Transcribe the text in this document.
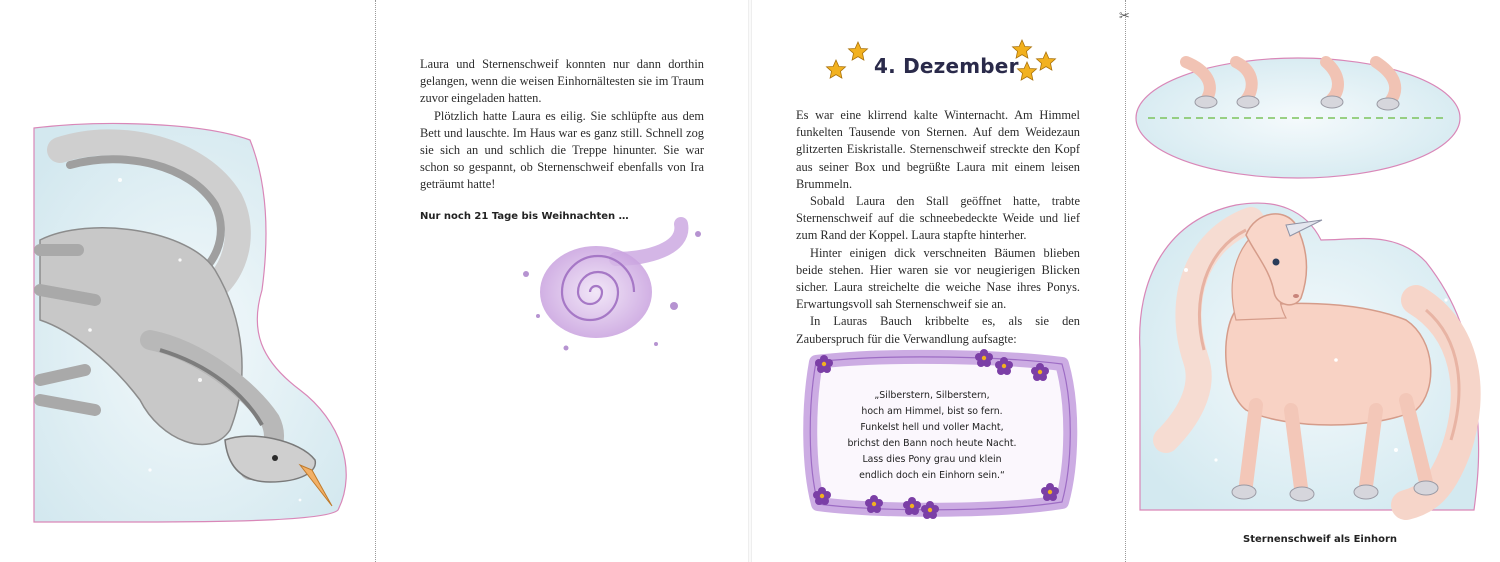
Laura und Sternenschweif konnten nur dann dorthin gelangen, wenn die weisen Einhornältesten sie im Traum zuvor eingeladen hatten.

Plötzlich hatte Laura es eilig. Sie schlüpfte aus dem Bett und lauschte. Im Haus war es ganz still. Schnell zog sie sich an und schlich die Treppe hinunter. Sie war schon so gespannt, ob Sternenschweif ebenfalls von Ira geträumt hatte!

Nur noch 21 Tage bis Weihnachten …
4. Dezember

Es war eine klirrend kalte Winternacht. Am Himmel funkelten Tausende von Sternen. Auf dem Weidezaun glitzerten Eiskristalle. Sternenschweif streckte den Kopf aus seiner Box und begrüßte Laura mit einem leisen Brummeln.

Sobald Laura den Stall geöffnet hatte, trabte Sternenschweif auf die schneebedeckte Weide und lief zum Rand der Koppel. Laura stapfte hinterher.

Hinter einigen dick verschneiten Bäumen blieben beide stehen. Hier waren sie vor neugierigen Blicken sicher. Laura streichelte die weiche Nase ihres Ponys. Erwartungsvoll sah Sternenschweif sie an.

In Lauras Bauch kribbelte es, als sie den Zauberspruch für die Verwandlung aufsagte:

„Silberstern, Silberstern,
hoch am Himmel, bist so fern.
Funkelst hell und voller Macht,
brichst den Bann noch heute Nacht.
Lass dies Pony grau und klein
endlich doch ein Einhorn sein.“
✂
Sternenschweif als Einhorn
